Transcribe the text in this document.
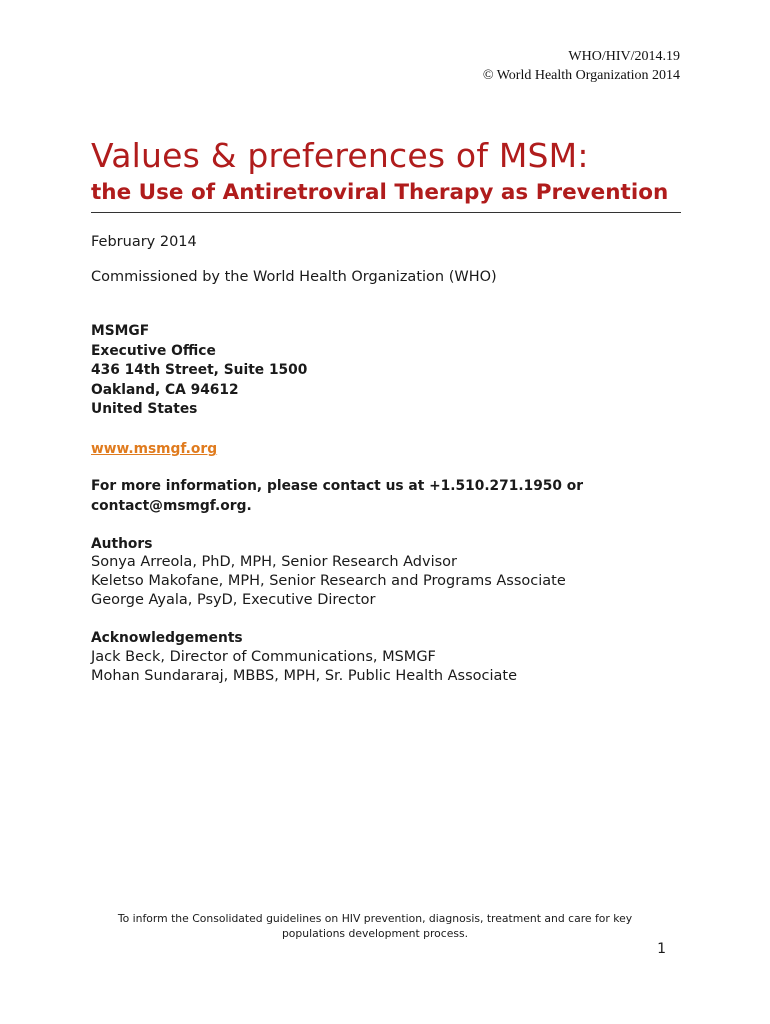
WHO/HIV/2014.19
© World Health Organization 2014
Values & preferences of MSM:
the Use of Antiretroviral Therapy as Prevention
February 2014
Commissioned by the World Health Organization (WHO)
MSMGF
Executive Office
436 14th Street, Suite 1500
Oakland, CA 94612
United States
www.msmgf.org
For more information, please contact us at +1.510.271.1950 or
contact@msmgf.org.
Authors
Sonya Arreola, PhD, MPH, Senior Research Advisor
Keletso Makofane, MPH, Senior Research and Programs Associate
George Ayala, PsyD, Executive Director
Acknowledgements
Jack Beck, Director of Communications, MSMGF
Mohan Sundararaj, MBBS, MPH, Sr. Public Health Associate
To inform the Consolidated guidelines on HIV prevention, diagnosis, treatment and care for key
populations development process.
1
